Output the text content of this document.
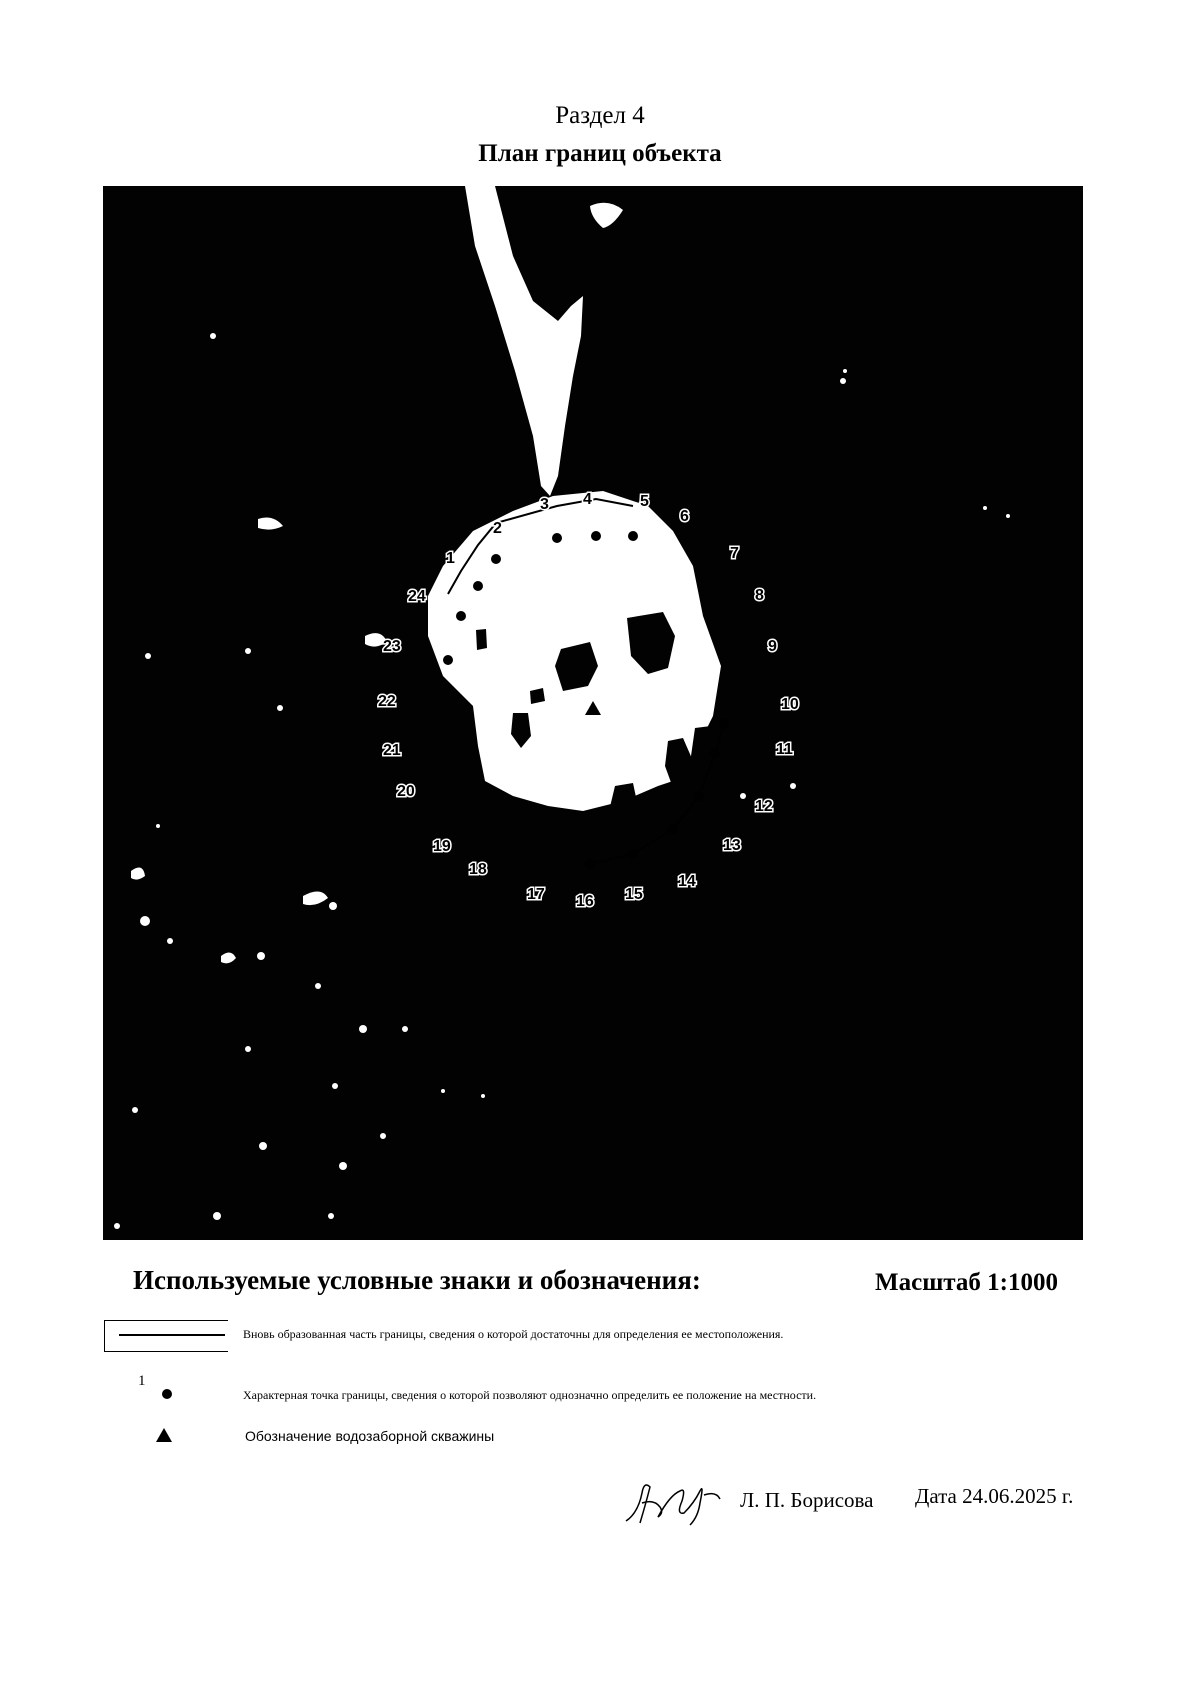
Раздел 4
План границ объекта
1
2
3 4	5
6
7
8
9
10
11
12
13
14
15
16
17
18
19
20
21
22
23
24
Используемые условные знаки и обозначения:	Масштаб 1:1000
Вновь образованная часть границы, сведения о которой достаточны для определения ее местоположения.
1
Характерная точка границы, сведения о которой позволяют однозначно определить ее положение на местности.
Обозначение водозаборной скважины
Л. П. Борисова Дата 24.06.2025 г.
